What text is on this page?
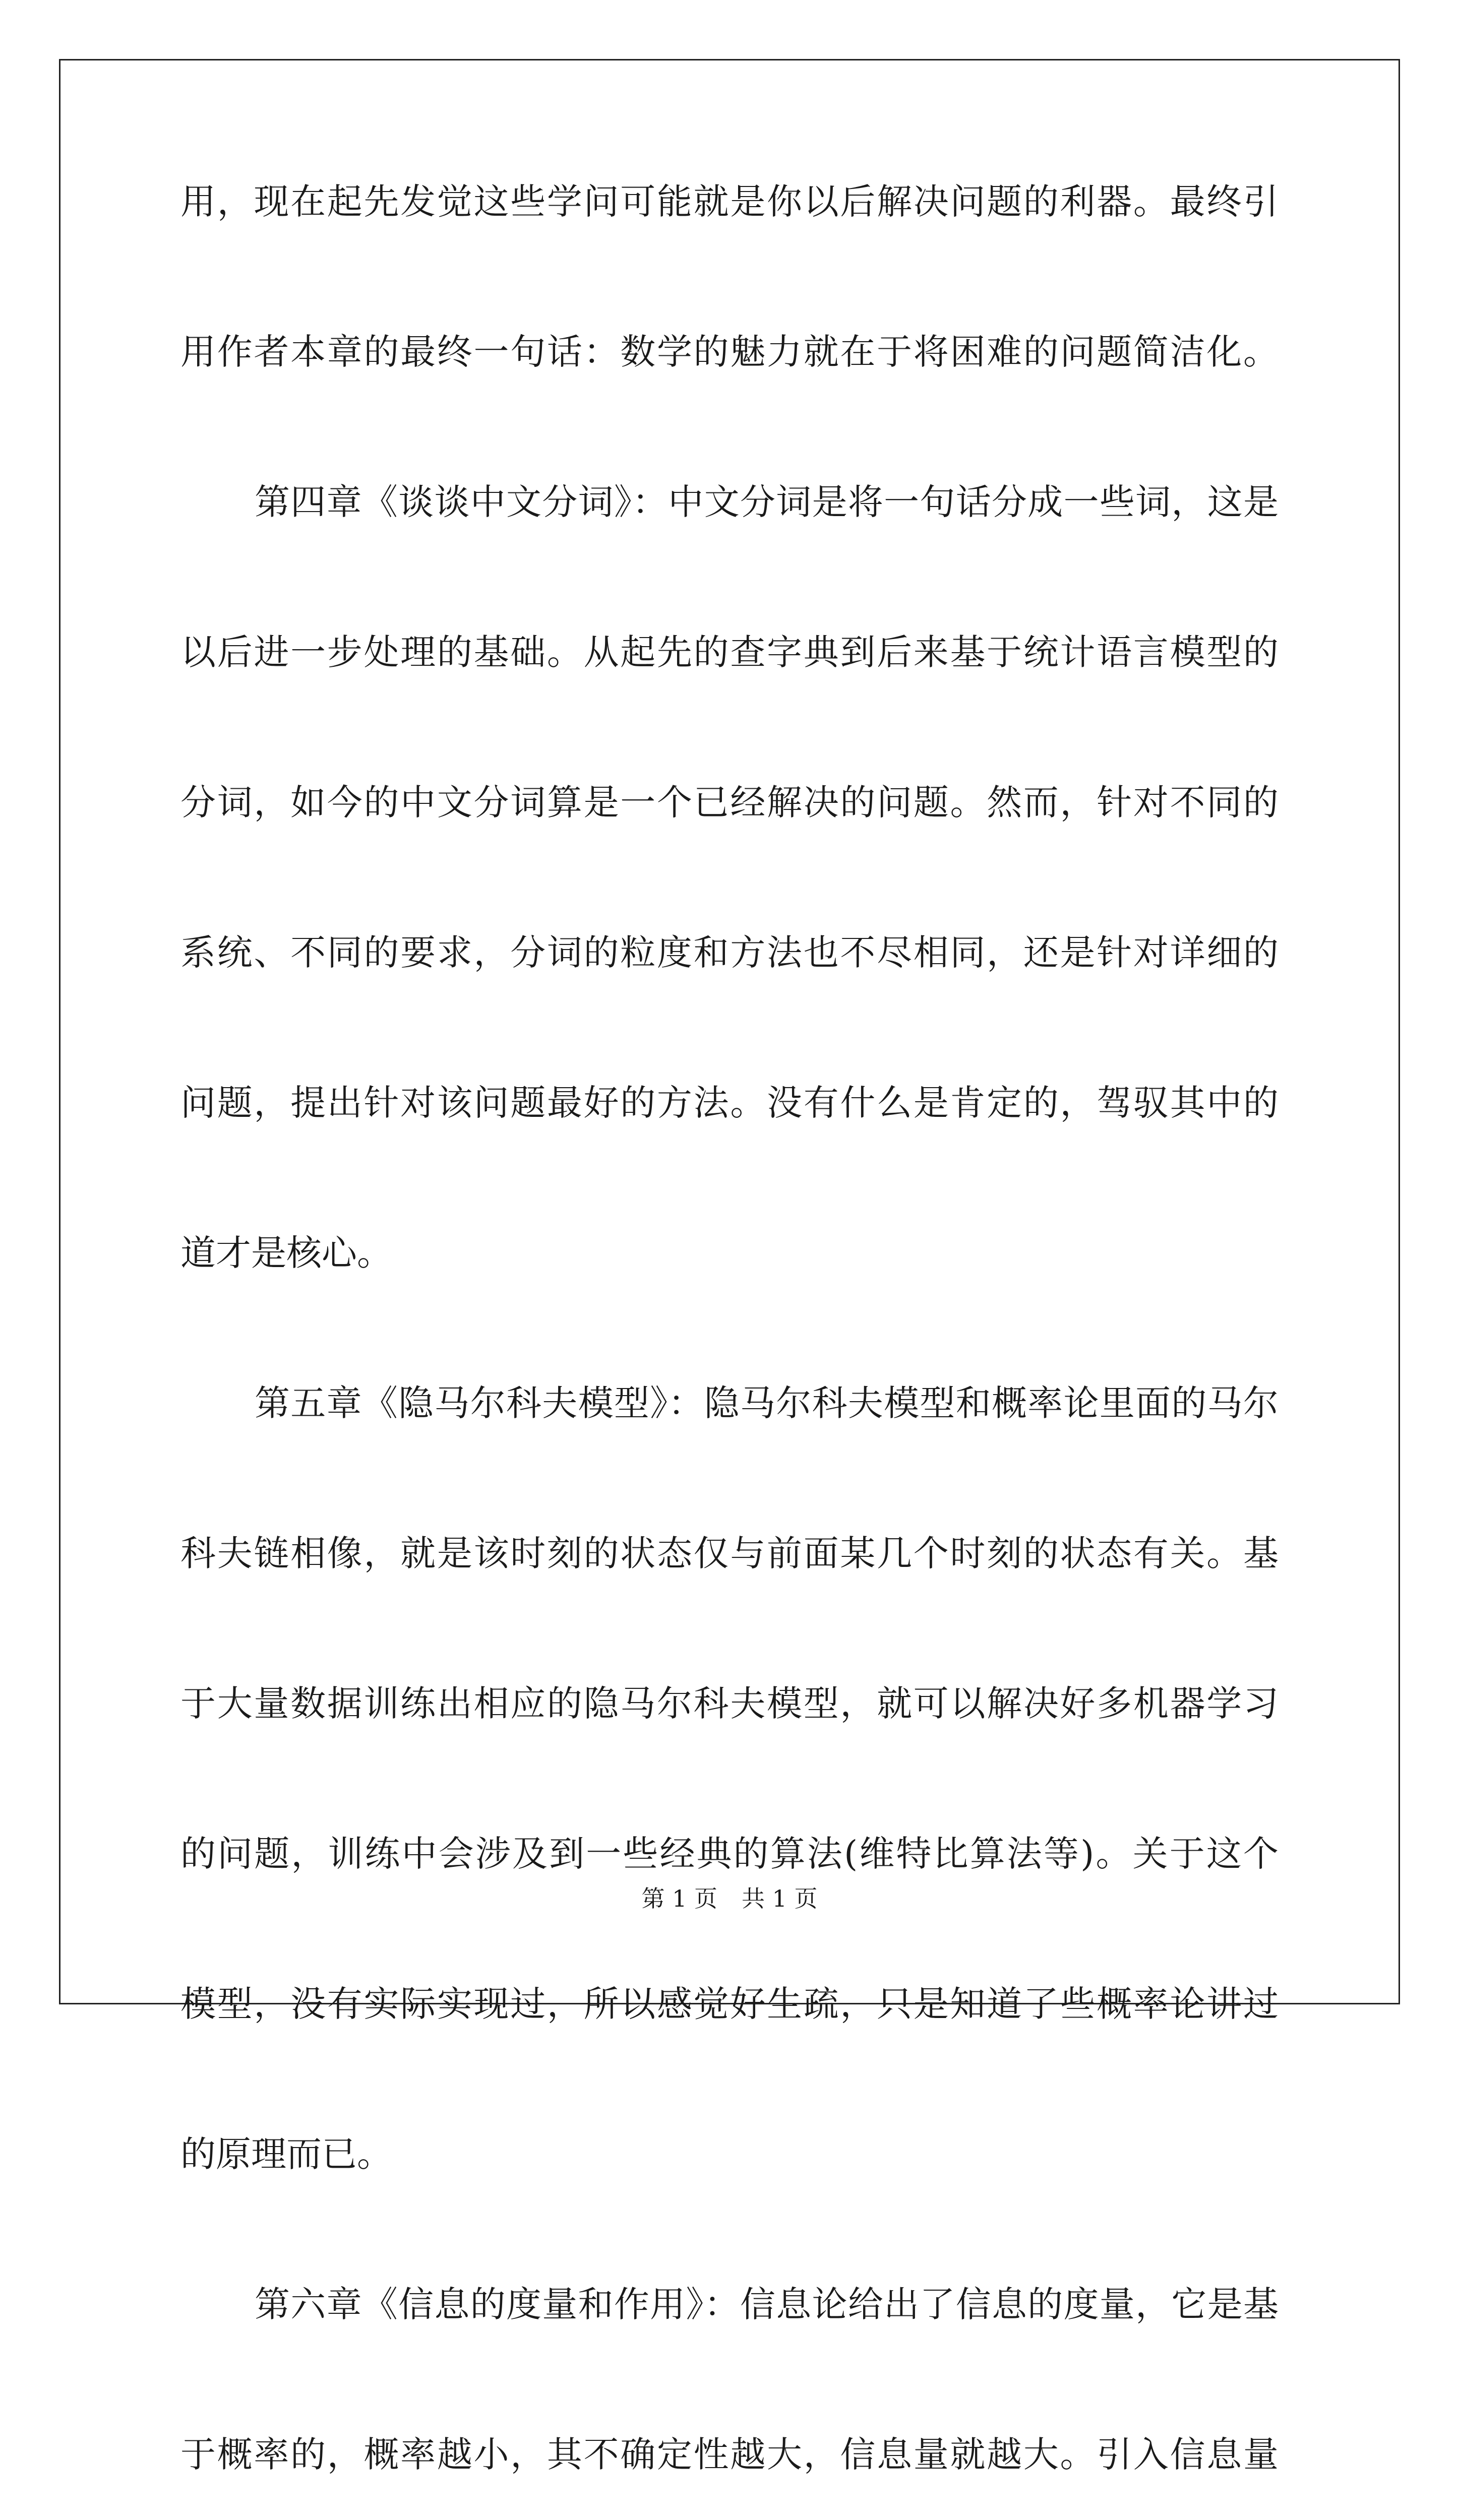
用，现在起先发觉这些学问可能就是你以后解决问题的利器。最终引
用作者本章的最终一句话：数学的魅力就在于将困难的问题简洁化。
第四章《谈谈中文分词》：中文分词是将一句话分成一些词，这是
以后进一步处理的基础。从起先的查字典到后来基于统计语言模型的
分词，如今的中文分词算是一个已经解决的问题。然而，针对不同的
系统、不同的要求，分词的粒度和方法也不尽相同，还是针对详细的
问题，提出针对该问题最好的方法。没有什么是肯定的，驾驭其中的
道才是核心。
第五章《隐马尔科夫模型》：隐马尔科夫模型和概率论里面的马尔
科夫链相像，就是该时刻的状态仅与前面某几个时刻的状态有关。基
于大量数据训练出相应的隐马尔科夫模型，就可以解决好多机器学习
的问题，训练中会涉及到一些经典的算法(维特比算法等)。关于这个
模型，没有实际实现过，所以感觉好生疏，只是知道了些概率论讲过
的原理而已。
第六章《信息的度量和作用》：信息论给出了信息的度量，它是基
于概率的，概率越小，其不确定性越大，信息量就越大。引入信息量
第 1 页 共 1 页
